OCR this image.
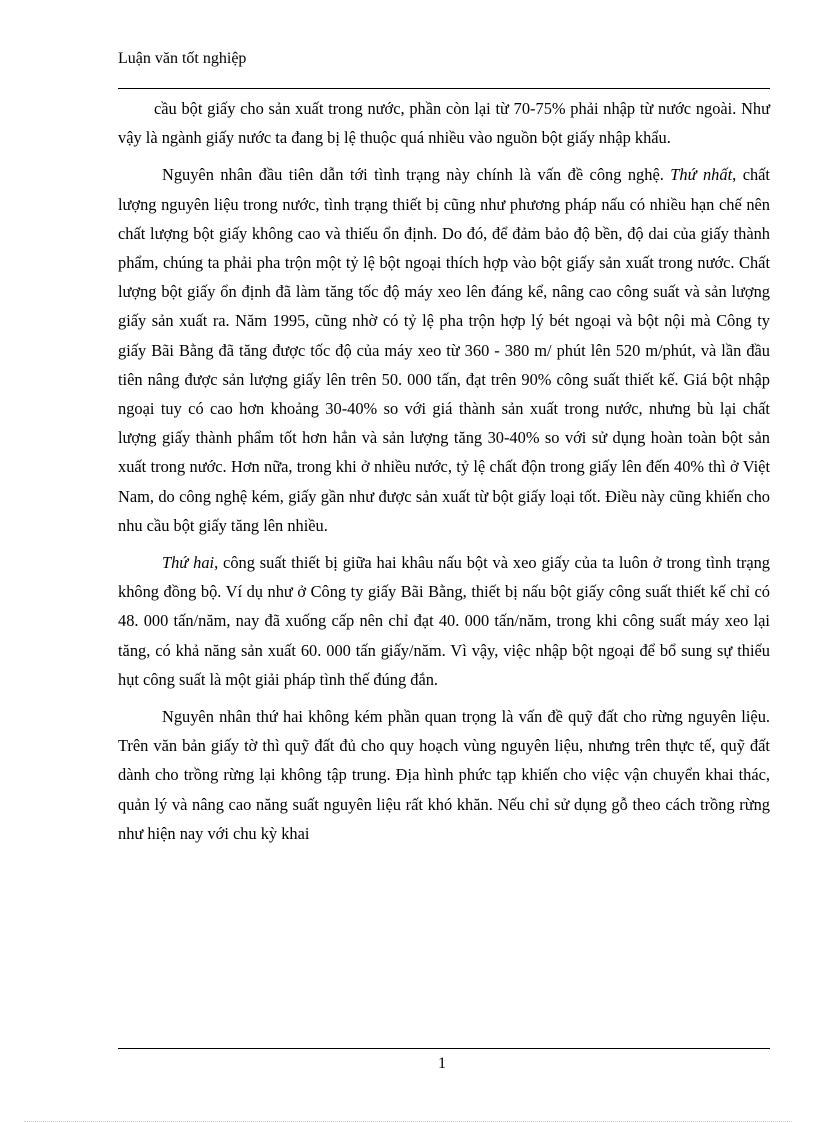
Luận văn tốt nghiệp

cầu bột giấy cho sản xuất trong nước, phần còn lại từ 70-75% phải nhập từ nước ngoài. Như vậy là ngành giấy nước ta đang bị lệ thuộc quá nhiều vào nguồn bột giấy nhập khẩu.

Nguyên nhân đầu tiên dẫn tới tình trạng này chính là vấn đề công nghệ. Thứ nhất, chất lượng nguyên liệu trong nước, tình trạng thiết bị cũng như phương pháp nấu có nhiều hạn chế nên chất lượng bột giấy không cao và thiếu ổn định. Do đó, để đảm bảo độ bền, độ dai của giấy thành phẩm, chúng ta phải pha trộn một tỷ lệ bột ngoại thích hợp vào bột giấy sản xuất trong nước. Chất lượng bột giấy ổn định đã làm tăng tốc độ máy xeo lên đáng kể, nâng cao công suất và sản lượng giấy sản xuất ra. Năm 1995, cũng nhờ có tỷ lệ pha trộn hợp lý bét ngoại và bột nội mà Công ty giấy Bãi Bằng đã tăng được tốc độ của máy xeo từ 360 - 380 m/ phút lên 520 m/phút, và lần đầu tiên nâng được sản lượng giấy lên trên 50. 000 tấn, đạt trên 90% công suất thiết kế. Giá bột nhập ngoại tuy có cao hơn khoảng 30-40% so với giá thành sản xuất trong nước, nhưng bù lại chất lượng giấy thành phẩm tốt hơn hẳn và sản lượng tăng 30-40% so với sử dụng hoàn toàn bột sản xuất trong nước. Hơn nữa, trong khi ở nhiều nước, tỷ lệ chất độn trong giấy lên đến 40% thì ở Việt Nam, do công nghệ kém, giấy gần như được sản xuất từ bột giấy loại tốt. Điều này cũng khiến cho nhu cầu bột giấy tăng lên nhiều.

Thứ hai, công suất thiết bị giữa hai khâu nấu bột và xeo giấy của ta luôn ở trong tình trạng không đồng bộ. Ví dụ như ở Công ty giấy Bãi Bằng, thiết bị nấu bột giấy công suất thiết kế chỉ có 48. 000 tấn/năm, nay đã xuống cấp nên chỉ đạt 40. 000 tấn/năm, trong khi công suất máy xeo lại tăng, có khả năng sản xuất 60. 000 tấn giấy/năm. Vì vậy, việc nhập bột ngoại để bổ sung sự thiếu hụt công suất là một giải pháp tình thế đúng đắn.

Nguyên nhân thứ hai không kém phần quan trọng là vấn đề quỹ đất cho rừng nguyên liệu. Trên văn bản giấy tờ thì quỹ đất đủ cho quy hoạch vùng nguyên liệu, nhưng trên thực tế, quỹ đất dành cho trồng rừng lại không tập trung. Địa hình phức tạp khiến cho việc vận chuyển khai thác, quản lý và nâng cao năng suất nguyên liệu rất khó khăn. Nếu chỉ sử dụng gỗ theo cách trồng rừng như hiện nay với chu kỳ khai

1
